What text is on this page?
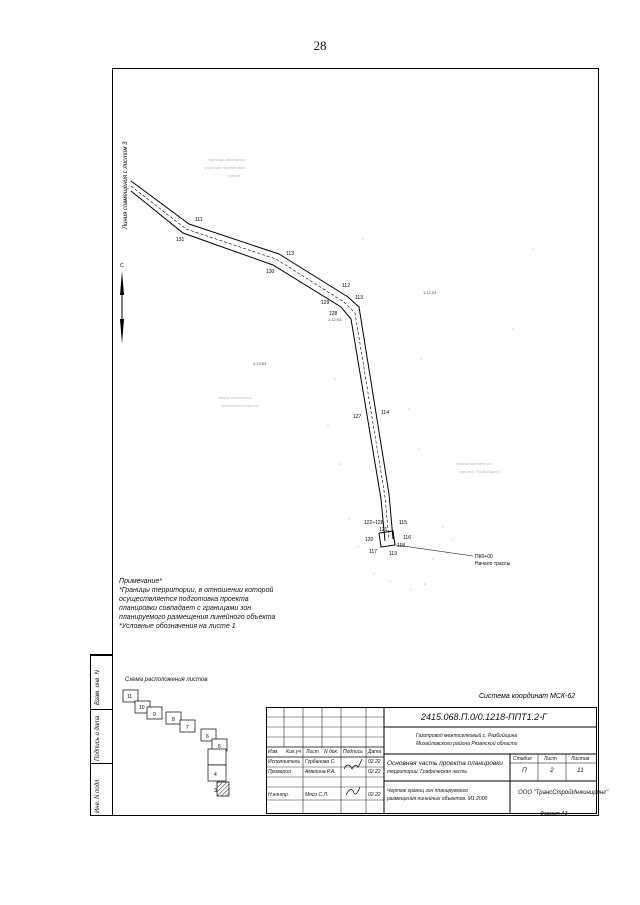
28
Границы земельных
участков населённого
пункта
Земли сельскохоз
назначения участка
Земли населённого
пункта с. Разбойщина
ПК0+00
Начало трассы
111
131
130
113
112
129
113
128
127
114
122÷126	115
121
116
120
117 119
118
1:12:03
1:12:03
1:12:03
Линия совмещения с листом 3
С
Система координат МСК-62
Примечание*
*Границы территории, в отношении которой
осуществляется подготовка проекта
планировки совпадает с границами зон
планируемого размещения линейного объекта
*Условные обозначения на листе 1
Схема расположения листов
11
10
9
8
7
6
5
4
3
Взам. инв. N
Подпись и дата
Инв. N подл.
2415.068.П.0/0.1218-ППТ1.2-Г
Газопровод межпоселковый с. Разбойщина
Михайловского района Рязанской области
Изм. Кол.уч Лист N док. Подпись Дата
Исполнитель Гурбанова С.	02.22
Проверил	Амелина Р.А.	02.22
Н.контр.	Мясо С.Л.	02.22
Основная часть проекта планировки
территории. Графическая часть
Стадия Лист	Листов
П	2	11
Чертеж границ зон планируемого
размещения линейных объектов. М1:2000
ООО "ТрансСтройИнжиниринг"
Формат А3
